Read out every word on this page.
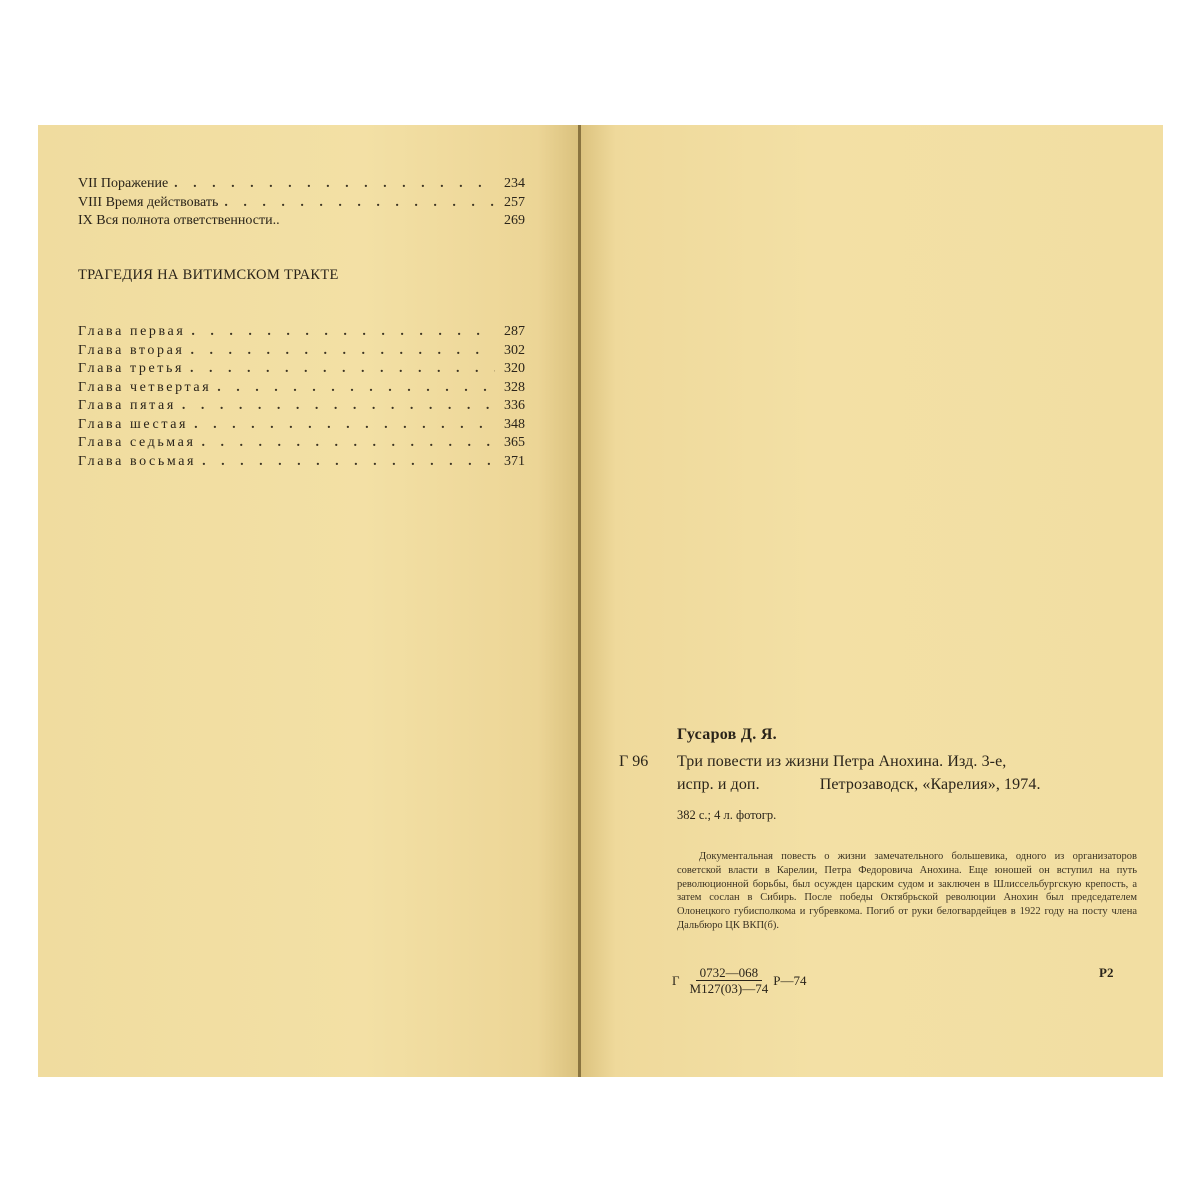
VII Поражение . . .	234
VIII Время действовать . . .	257
IX Вся полнота ответственности..	269
ТРАГЕДИЯ НА ВИТИМСКОМ ТРАКТЕ
Глава первая . . .	287
Глава вторая . . .	302
Глава третья . . .	320
Глава четвертая . . .	328
Глава пятая . . .	336
Глава шестая . . .	348
Глава седьмая . . .	365
Глава восьмая . . .	371
Гусаров Д. Я.
Г 96 Три повести из жизни Петра Анохина. Изд. 3-е,
испр. и доп.	Петрозаводск, «Карелия», 1974.
382 с.; 4 л. фотогр.

Документальная повесть о жизни замечательного большевика, одного из организаторов советской власти в Карелии, Петра Федоровича Анохина. Еще юношей он вступил на путь революционной борьбы, был осужден царским судом и заключен в Шлиссельбургскую крепость, а затем сослан в Сибирь. После победы Октябрьской революции Анохин был председателем Олонецкого губисполкома и губревкома. Погиб от руки белогвардейцев в 1922 году на посту члена Дальбюро ЦК ВКП(б).

Г $\frac{0732—068}{М127(03)—74}$ Р—74	Р2
